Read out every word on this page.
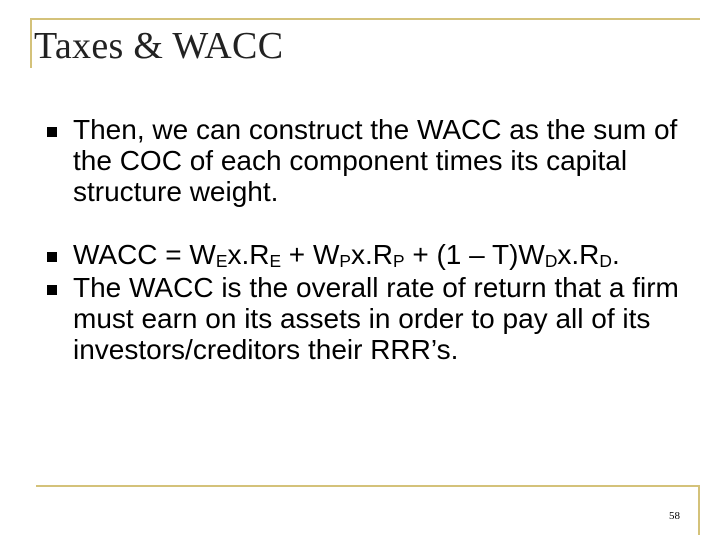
Taxes & WACC
Then, we can construct the WACC as the sum of the COC of each component times its capital structure weight.
WACC = $W_Ex.R_E + W_Px.R_P + (1 - T)W_Dx.R_D$.
The WACC is the overall rate of return that a firm must earn on its assets in order to pay all of its investors/creditors their RRR’s.
58
